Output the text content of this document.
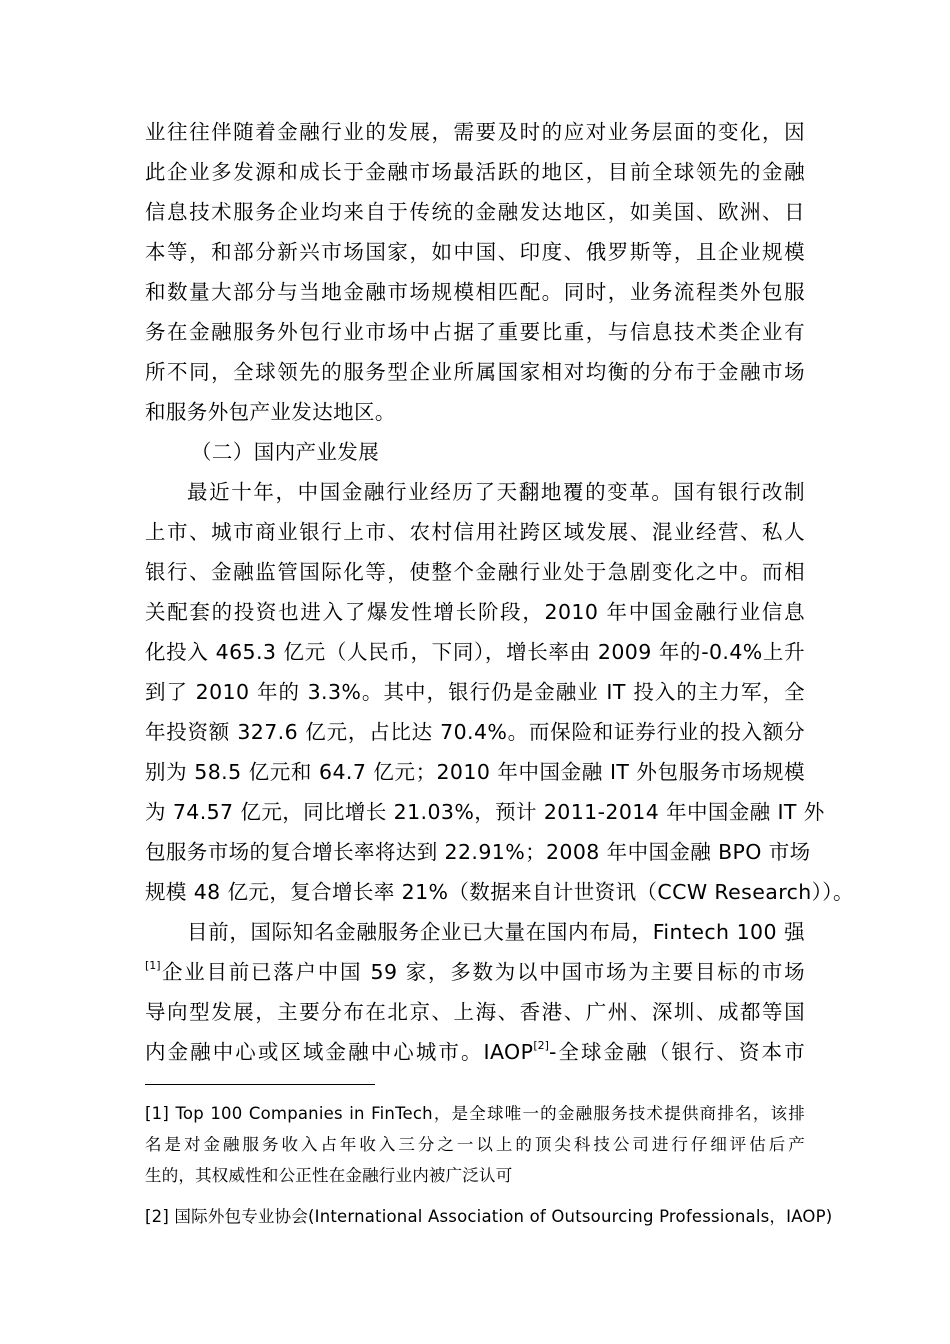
业往往伴随着金融行业的发展，需要及时的应对业务层面的变化，因
此企业多发源和成长于金融市场最活跃的地区，目前全球领先的金融
信息技术服务企业均来自于传统的金融发达地区，如美国、欧洲、日
本等，和部分新兴市场国家，如中国、印度、俄罗斯等，且企业规模
和数量大部分与当地金融市场规模相匹配。同时，业务流程类外包服
务在金融服务外包行业市场中占据了重要比重，与信息技术类企业有
所不同，全球领先的服务型企业所属国家相对均衡的分布于金融市场
和服务外包产业发达地区。
（二）国内产业发展
最近十年，中国金融行业经历了天翻地覆的变革。国有银行改制
上市、城市商业银行上市、农村信用社跨区域发展、混业经营、私人
银行、金融监管国际化等，使整个金融行业处于急剧变化之中。而相
关配套的投资也进入了爆发性增长阶段，2010 年中国金融行业信息
化投入 465.3 亿元（人民币，下同），增长率由 2009 年的-0.4%上升
到了 2010 年的 3.3%。其中，银行仍是金融业 IT 投入的主力军，全
年投资额 327.6 亿元，占比达 70.4%。而保险和证券行业的投入额分
别为 58.5 亿元和 64.7 亿元；2010 年中国金融 IT 外包服务市场规模
为 74.57 亿元，同比增长 21.03%，预计 2011-2014 年中国金融 IT 外
包服务市场的复合增长率将达到 22.91%；2008 年中国金融 BPO 市场
规模 48 亿元，复合增长率 21%（数据来自计世资讯（CCW Research））。
目前，国际知名金融服务企业已大量在国内布局，Fintech 100 强
[1]企业目前已落户中国 59 家，多数为以中国市场为主要目标的市场
导向型发展，主要分布在北京、上海、香港、广州、深圳、成都等国
内金融中心或区域金融中心城市。IAOP[2]-全球金融（银行、资本市
[1] Top 100 Companies in FinTech，是全球唯一的金融服务技术提供商排名，该排
名是对金融服务收入占年收入三分之一以上的顶尖科技公司进行仔细评估后产
生的，其权威性和公正性在金融行业内被广泛认可
[2] 国际外包专业协会(International Association of Outsourcing Professionals，IAOP)
